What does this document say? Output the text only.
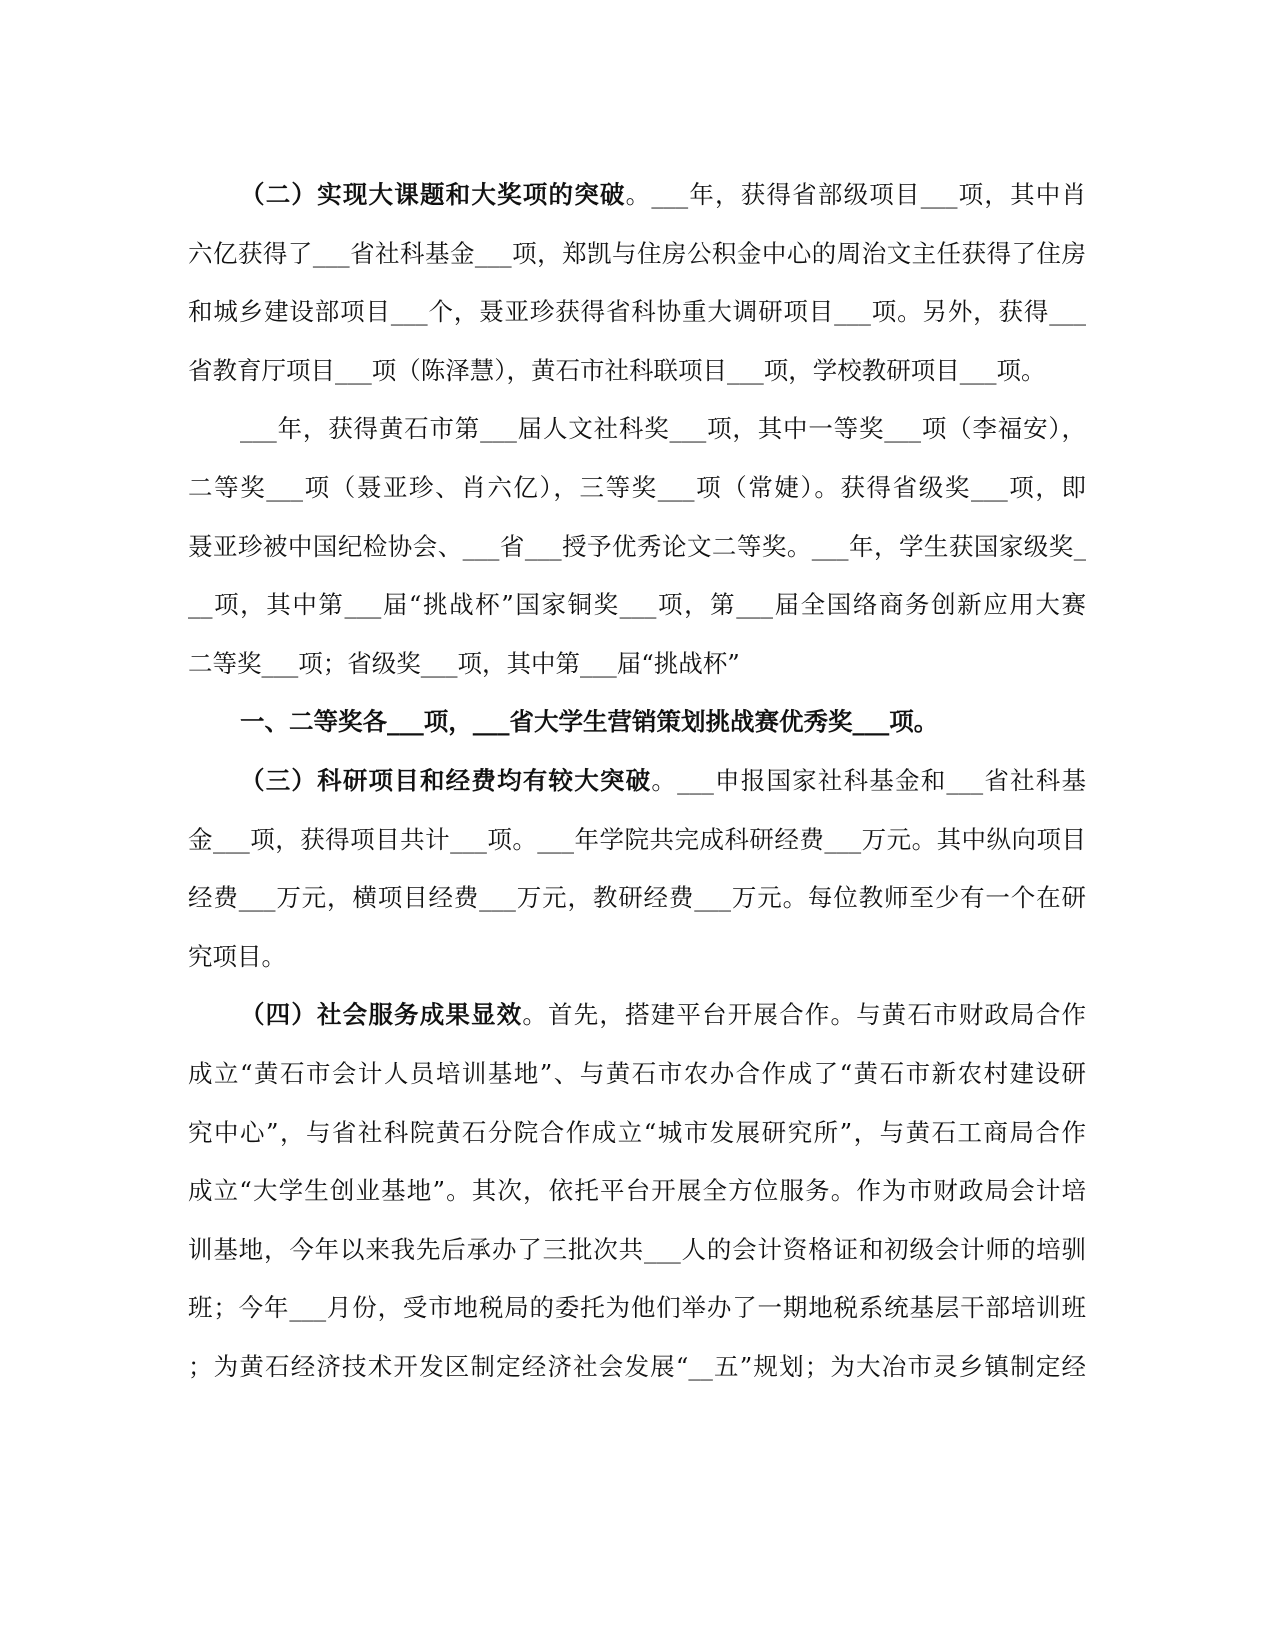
（二）实现大课题和大奖项的突破。___年，获得省部级项目___项，其中肖
六亿获得了___省社科基金___项，郑凯与住房公积金中心的周治文主任获得了住房
和城乡建设部项目___个，聂亚珍获得省科协重大调研项目___项。另外，获得___
省教育厅项目___项（陈泽慧），黄石市社科联项目___项，学校教研项目___项。
___年，获得黄石市第___届人文社科奖___项，其中一等奖___项（李福安），
二等奖___项（聂亚珍、肖六亿），三等奖___项（常婕）。获得省级奖___项，即
聂亚珍被中国纪检协会、___省___授予优秀论文二等奖。___年，学生获国家级奖_
__项，其中第___届“挑战杯”国家铜奖___项，第___届全国络商务创新应用大赛
二等奖___项；省级奖___项，其中第___届“挑战杯”
一、二等奖各___项，___省大学生营销策划挑战赛优秀奖___项。
（三）科研项目和经费均有较大突破。___申报国家社科基金和___省社科基
金___项，获得项目共计___项。___年学院共完成科研经费___万元。其中纵向项目
经费___万元，横项目经费___万元，教研经费___万元。每位教师至少有一个在研
究项目。
（四）社会服务成果显效。首先，搭建平台开展合作。与黄石市财政局合作
成立“黄石市会计人员培训基地”、与黄石市农办合作成了“黄石市新农村建设研
究中心”，与省社科院黄石分院合作成立“城市发展研究所”，与黄石工商局合作
成立“大学生创业基地”。其次，依托平台开展全方位服务。作为市财政局会计培
训基地，今年以来我先后承办了三批次共___人的会计资格证和初级会计师的培驯
班；今年___月份，受市地税局的委托为他们举办了一期地税系统基层干部培训班
；为黄石经济技术开发区制定经济社会发展“__五”规划；为大冶市灵乡镇制定经
